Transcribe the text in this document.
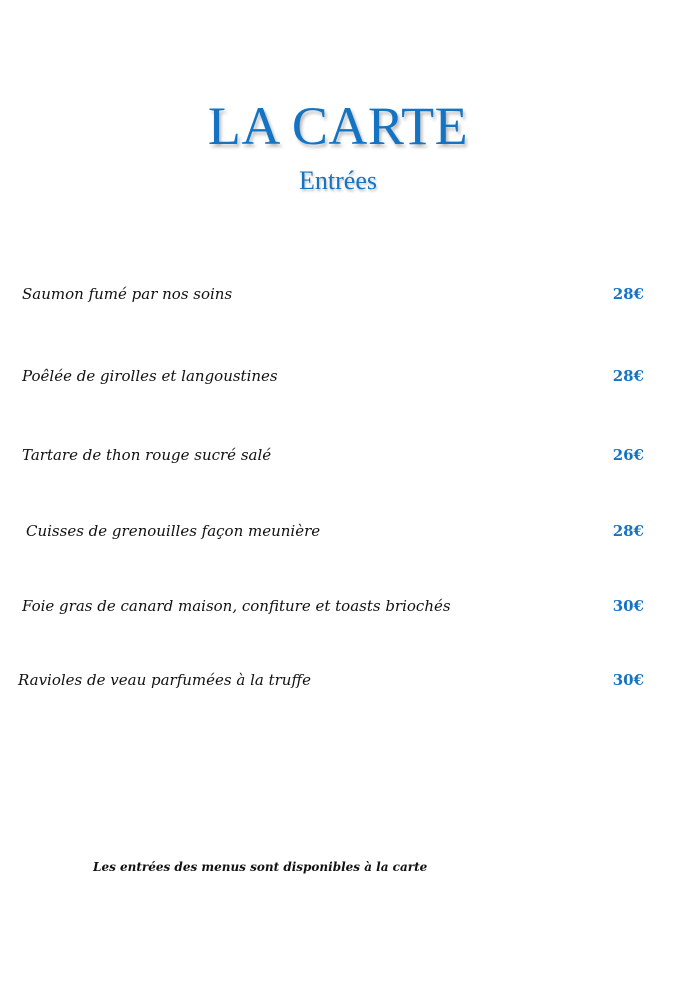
LA CARTE
Entrées
Saumon fumé par nos soins	28€
Poêlée de girolles et langoustines	28€
Tartare de thon rouge sucré salé	26€
Cuisses de grenouilles façon meunière	28€
Foie gras de canard maison, confiture et toasts briochés	30€
Ravioles de veau parfumées à la truffe	30€
Les entrées des menus sont disponibles à la carte
